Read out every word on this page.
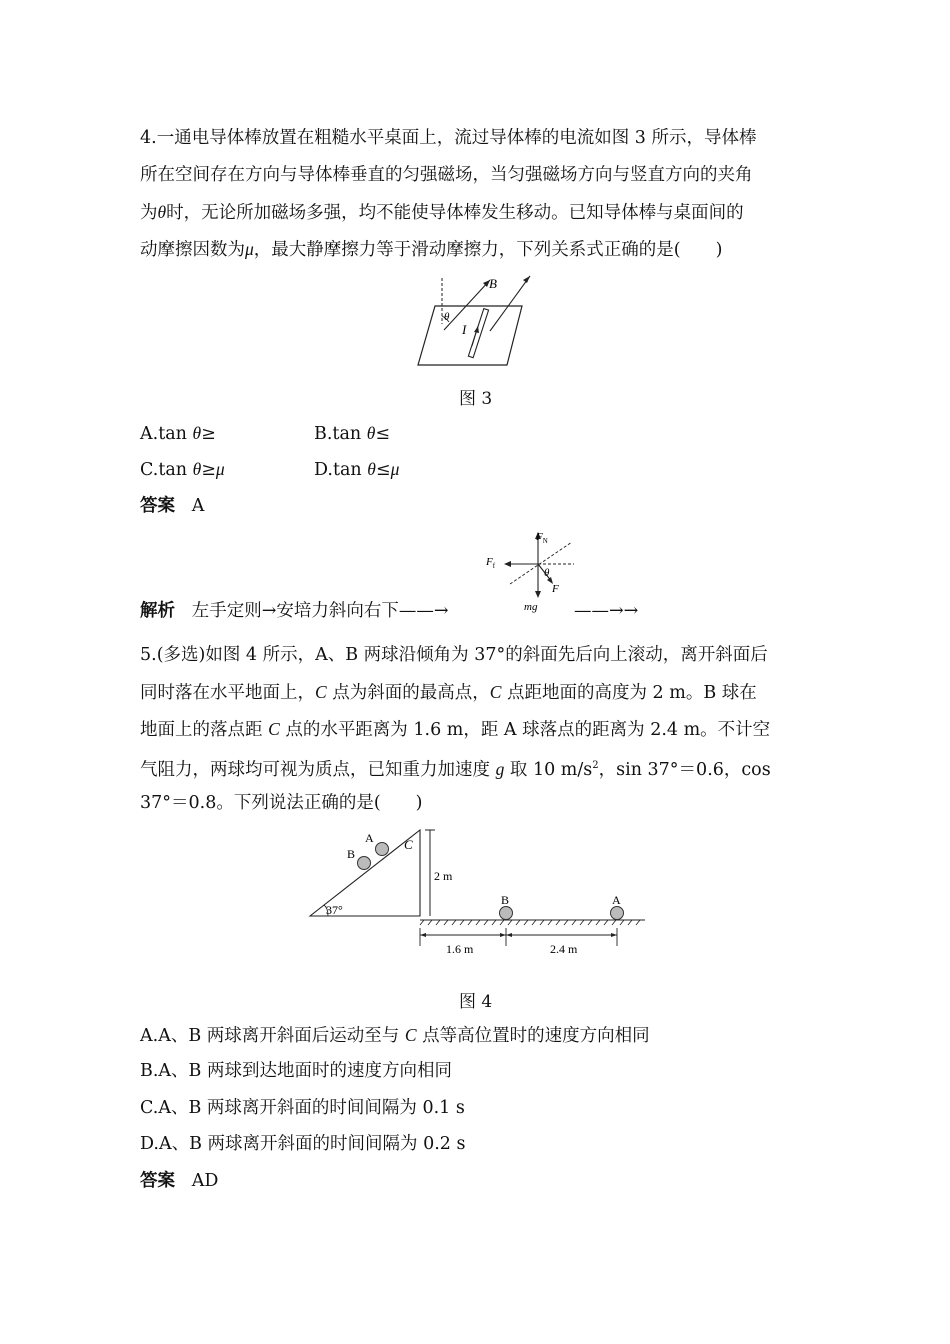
4.一通电导体棒放置在粗糙水平桌面上，流过导体棒的电流如图 3 所示，导体棒
所在空间存在方向与导体棒垂直的匀强磁场，当匀强磁场方向与竖直方向的夹角
为θ时，无论所加磁场多强，均不能使导体棒发生移动。已知导体棒与桌面间的
动摩擦因数为μ，最大静摩擦力等于滑动摩擦力，下列关系式正确的是(　　)
θ
B
I
图 3
A.tan θ≥	B.tan θ≤
C.tan θ≥μ	D.tan θ≤μ
答案 A
$F_N$
$F_f$
θ
F
mg
解析 左手定则→安培力斜向右下——→	——→→
5.(多选)如图 4 所示，A、B 两球沿倾角为 37°的斜面先后向上滚动，离开斜面后
同时落在水平地面上，C 点为斜面的最高点，C 点距地面的高度为 2 m。B 球在
地面上的落点距 C 点的水平距离为 1.6 m，距 A 球落点的距离为 2.4 m。不计空
气阻力，两球均可视为质点，已知重力加速度 g 取 10 $m/s^2$，sin 37°＝0.6，cos
37°＝0.8。下列说法正确的是(　　)
37°
B
A C
2 m
B	A
1.6 m	2.4 m
图 4
A.A、B 两球离开斜面后运动至与 C 点等高位置时的速度方向相同
B.A、B 两球到达地面时的速度方向相同
C.A、B 两球离开斜面的时间间隔为 0.1 s
D.A、B 两球离开斜面的时间间隔为 0.2 s
答案 AD
